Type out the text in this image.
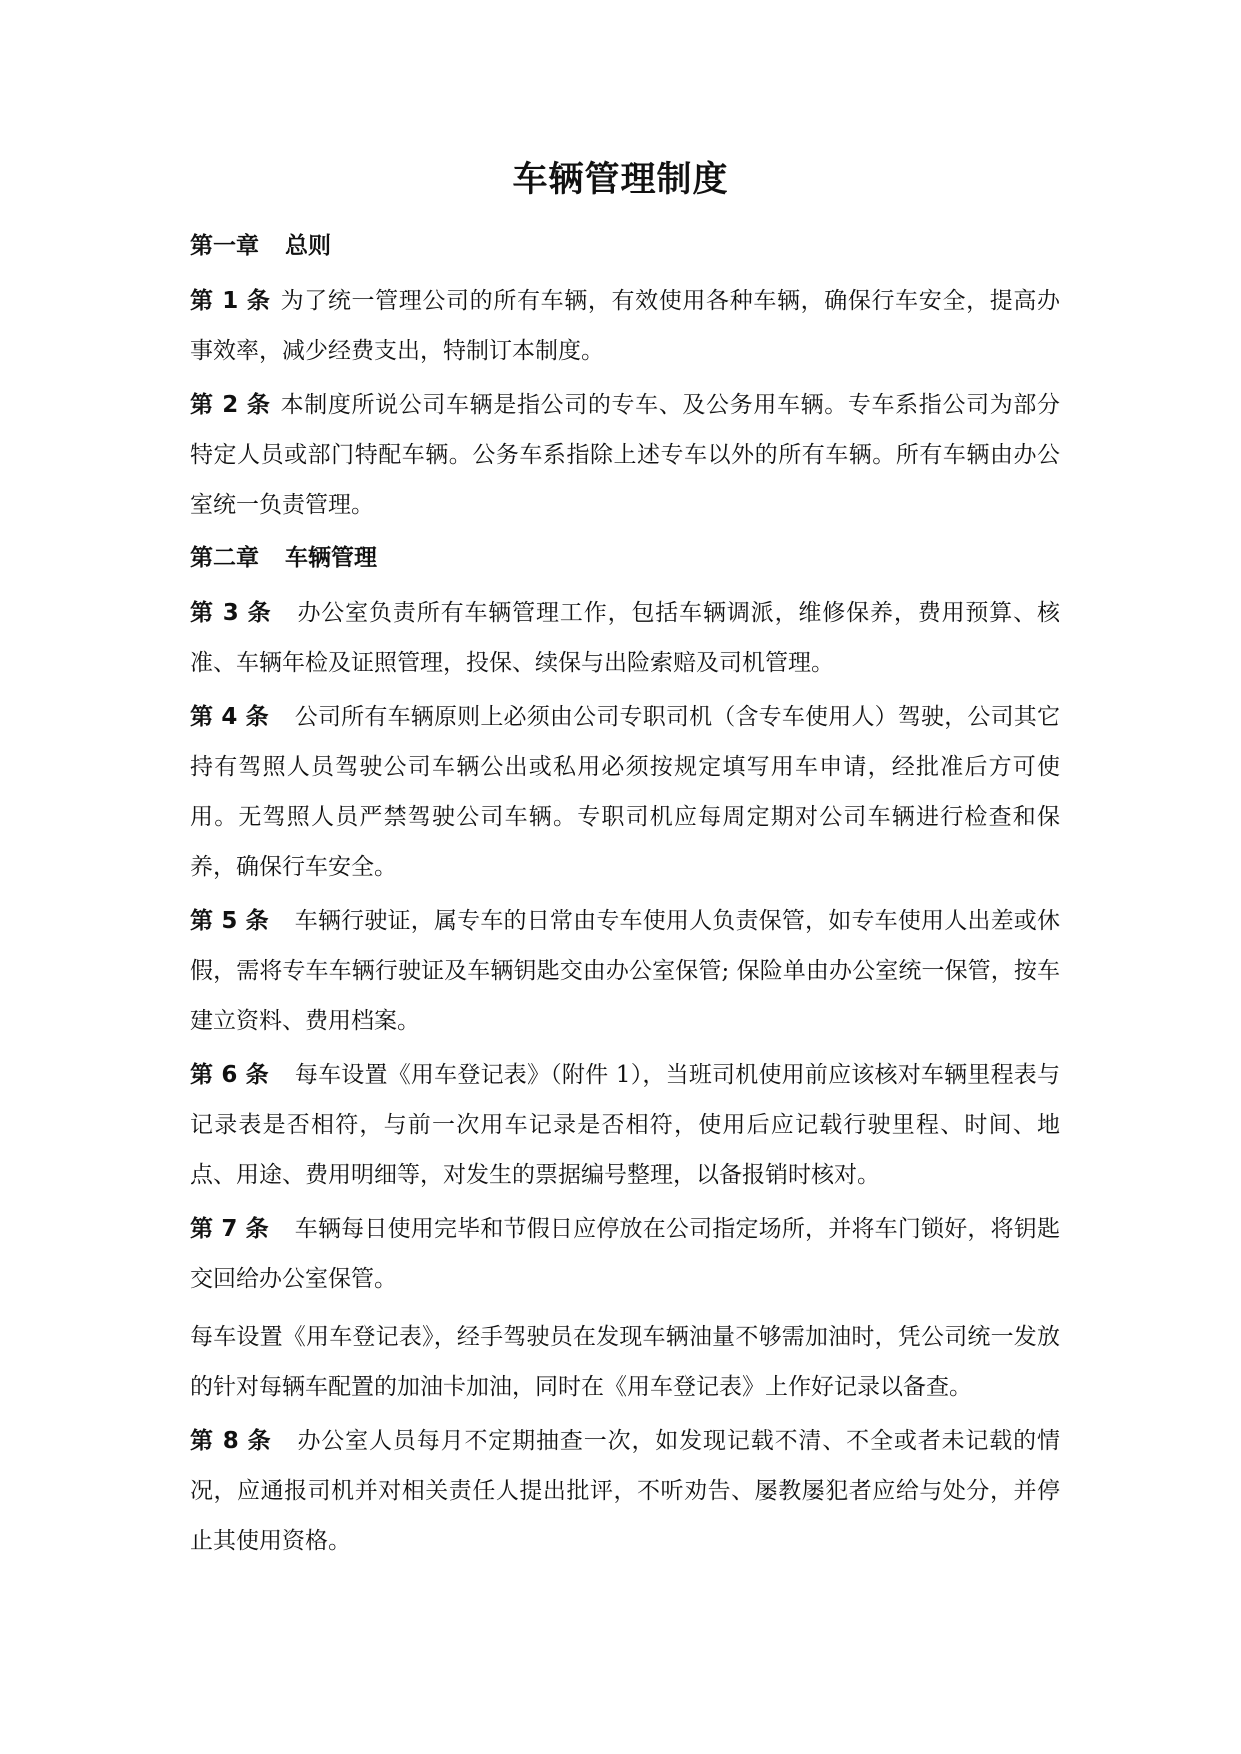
车辆管理制度

第一章 总则

第 1 条 为了统一管理公司的所有车辆，有效使用各种车辆，确保行车安全，提高办事效率，减少经费支出，特制订本制度。

第 2 条 本制度所说公司车辆是指公司的专车、及公务用车辆。专车系指公司为部分特定人员或部门特配车辆。公务车系指除上述专车以外的所有车辆。所有车辆由办公室统一负责管理。

第二章 车辆管理

第 3 条 办公室负责所有车辆管理工作，包括车辆调派，维修保养，费用预算、核准、车辆年检及证照管理，投保、续保与出险索赔及司机管理。

第 4 条 公司所有车辆原则上必须由公司专职司机（含专车使用人）驾驶，公司其它持有驾照人员驾驶公司车辆公出或私用必须按规定填写用车申请，经批准后方可使用。无驾照人员严禁驾驶公司车辆。专职司机应每周定期对公司车辆进行检查和保养，确保行车安全。

第 5 条 车辆行驶证，属专车的日常由专车使用人负责保管，如专车使用人出差或休假，需将专车车辆行驶证及车辆钥匙交由办公室保管; 保险单由办公室统一保管，按车建立资料、费用档案。

第 6 条 每车设置《用车登记表》（附件 1），当班司机使用前应该核对车辆里程表与记录表是否相符，与前一次用车记录是否相符，使用后应记载行驶里程、时间、地点、用途、费用明细等，对发生的票据编号整理，以备报销时核对。

第 7 条 车辆每日使用完毕和节假日应停放在公司指定场所，并将车门锁好，将钥匙交回给办公室保管。

每车设置《用车登记表》，经手驾驶员在发现车辆油量不够需加油时，凭公司统一发放的针对每辆车配置的加油卡加油，同时在《用车登记表》上作好记录以备查。

第 8 条 办公室人员每月不定期抽查一次，如发现记载不清、不全或者未记载的情况，应通报司机并对相关责任人提出批评，不听劝告、屡教屡犯者应给与处分，并停止其使用资格。
